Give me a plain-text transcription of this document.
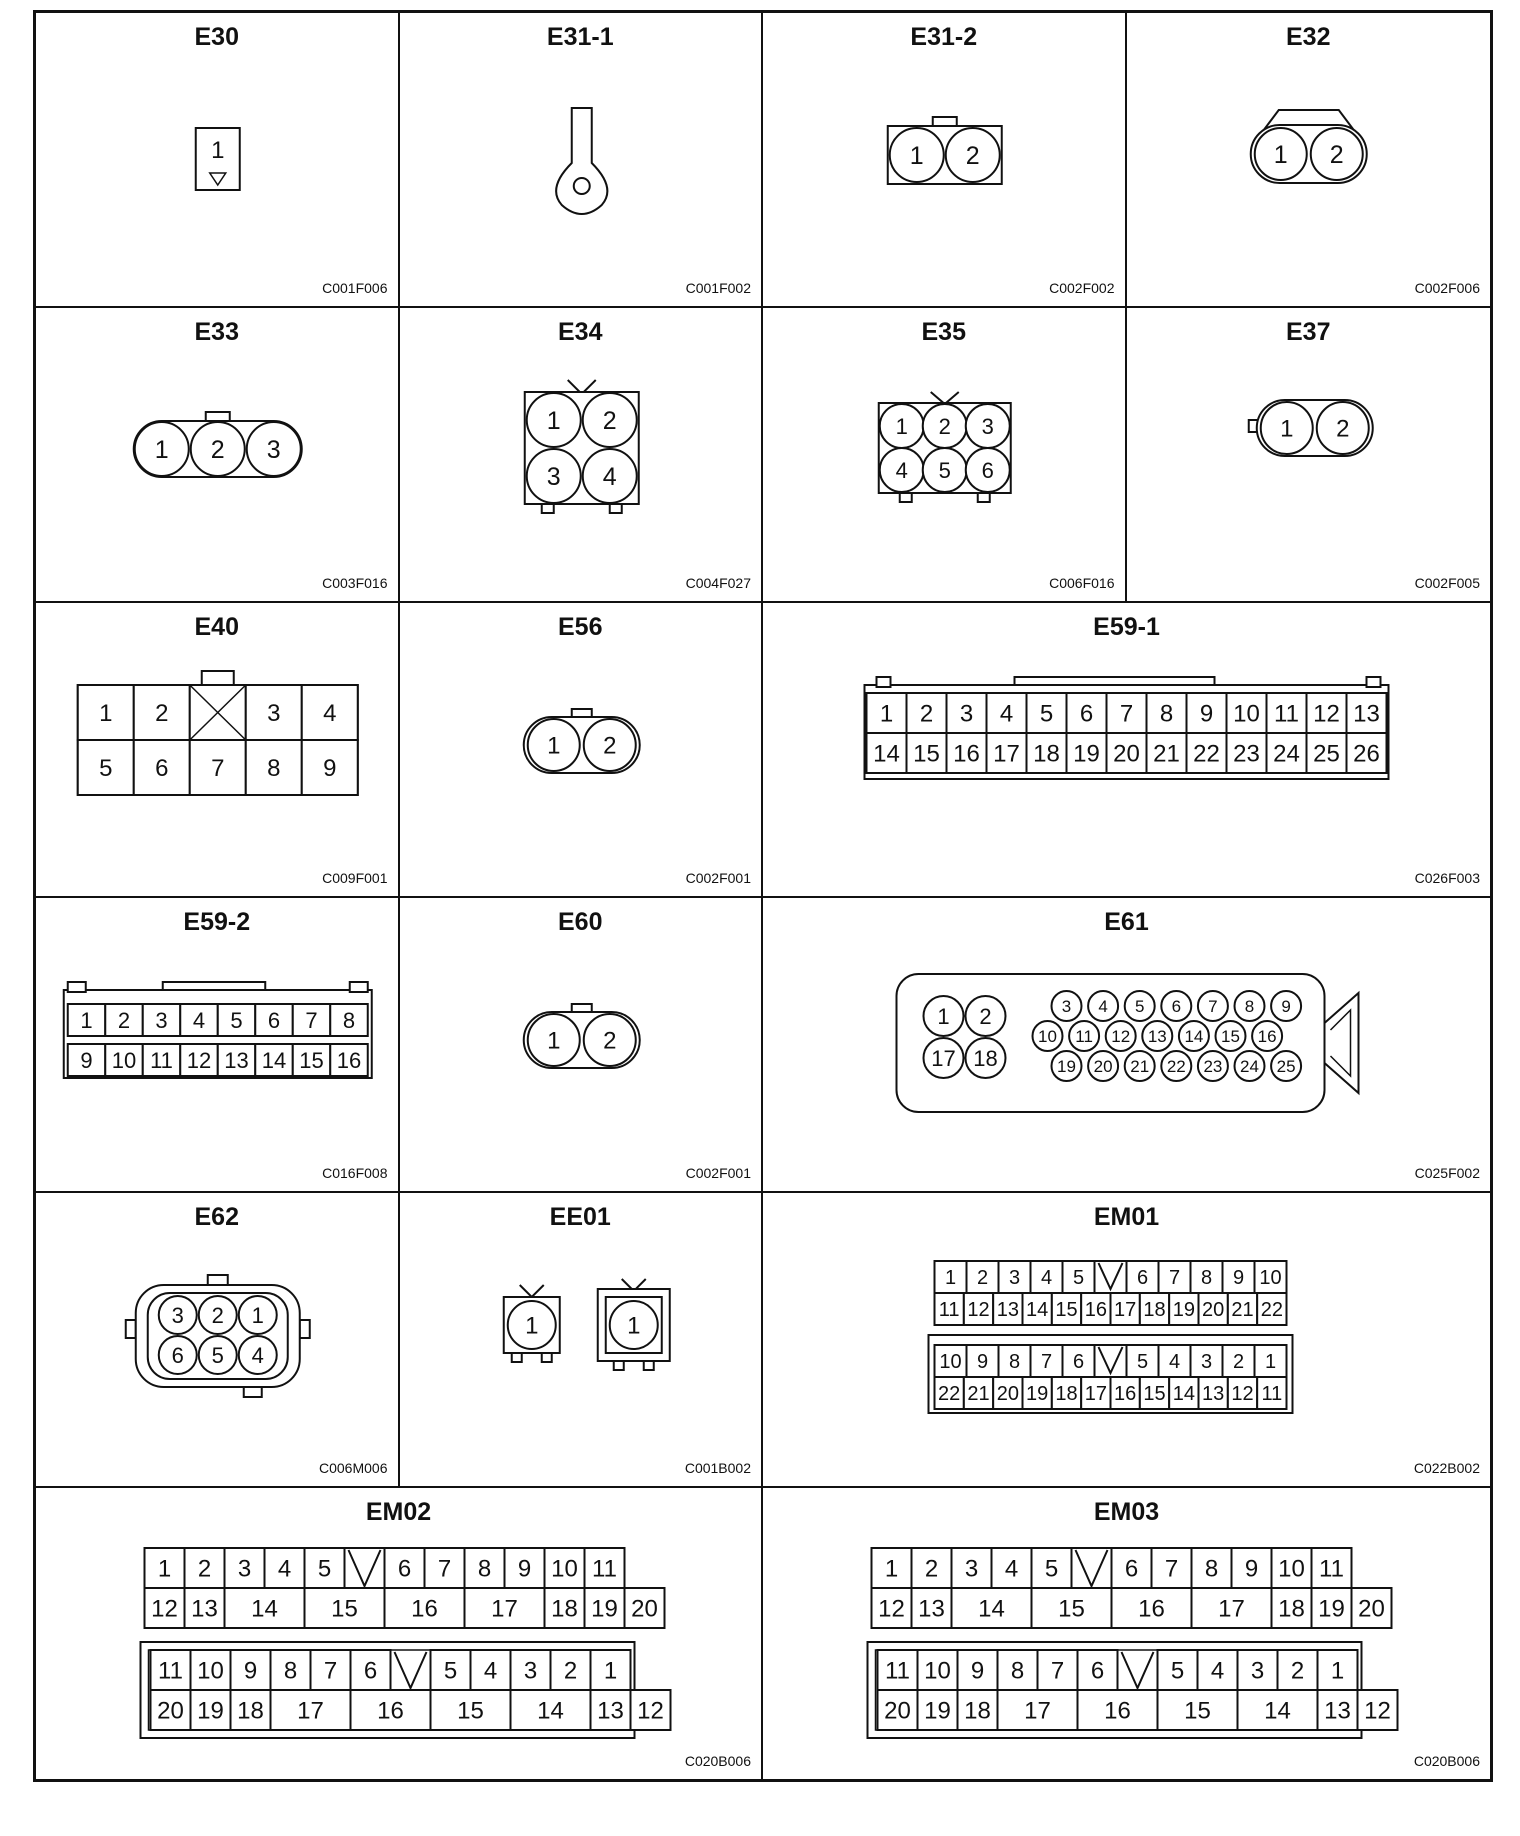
1
E30
C001F006
E31-1
C001F002
1 2
E31-2
C002F002
1 2
E32
C002F006
1 2 3
E33
C003F016
1 2
3 4
E34
C004F027
1 2 3
4 5 6
E35
C006F016
1 2
E37
C002F005
1 2	3 4
5 6 7 8 9
E40
C009F001
1 2
E56
C002F001
1 2 3 4 5 6 7 8 9 10 11 12 13
14 15 16 17 18 19 20 21 22 23 24 25 26
E59-1
C026F003
1 2 3 4 5 6 7 8
9 10 11 12 13 14 15 16
E59-2
C016F008
1 2
E60
C002F001
1 2
17 18
3 4 5 6 7 8 9
10 11 12 13 14 15 16
19 20 21 22 23 24 25
E61
C025F002
3 2 1
6 5 4
E62
C006M006
1	1
EE01
C001B002
1 2 3 4 5	6 7 8 9 10
11 12 13 14 15 16 17 18 19 20 21 22
10 9 8 7 6	5 4 3 2 1
22 21 20 19 18 17 16 15 14 13 12 11
EM01
C022B002
1 2 3 4 5	6 7 8 9 10 11
12 13 14 15 16 17 18 19 20
11 10 9 8 7 6	5 4 3 2 1
20 19 18 17 16 15 14 13 12
EM02
C020B006
1 2 3 4 5	6 7 8 9 10 11
12 13 14 15 16 17 18 19 20
11 10 9 8 7 6	5 4 3 2 1
20 19 18 17 16 15 14 13 12
EM03
C020B006
